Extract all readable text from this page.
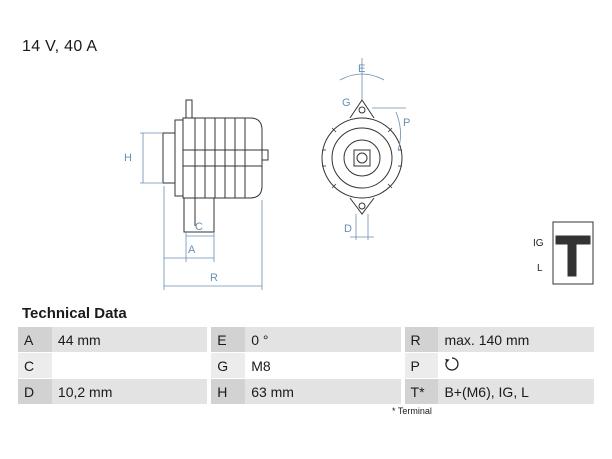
14 V, 40 A
H
C
A
R
E
G
P
D
IG
L
Technical Data
A	44 mm		E	0 °		R	max. 140 mm

C			G	M8		P	

D	10,2 mm		H	63 mm		T*	B+(M6), IG, L
* Terminal
